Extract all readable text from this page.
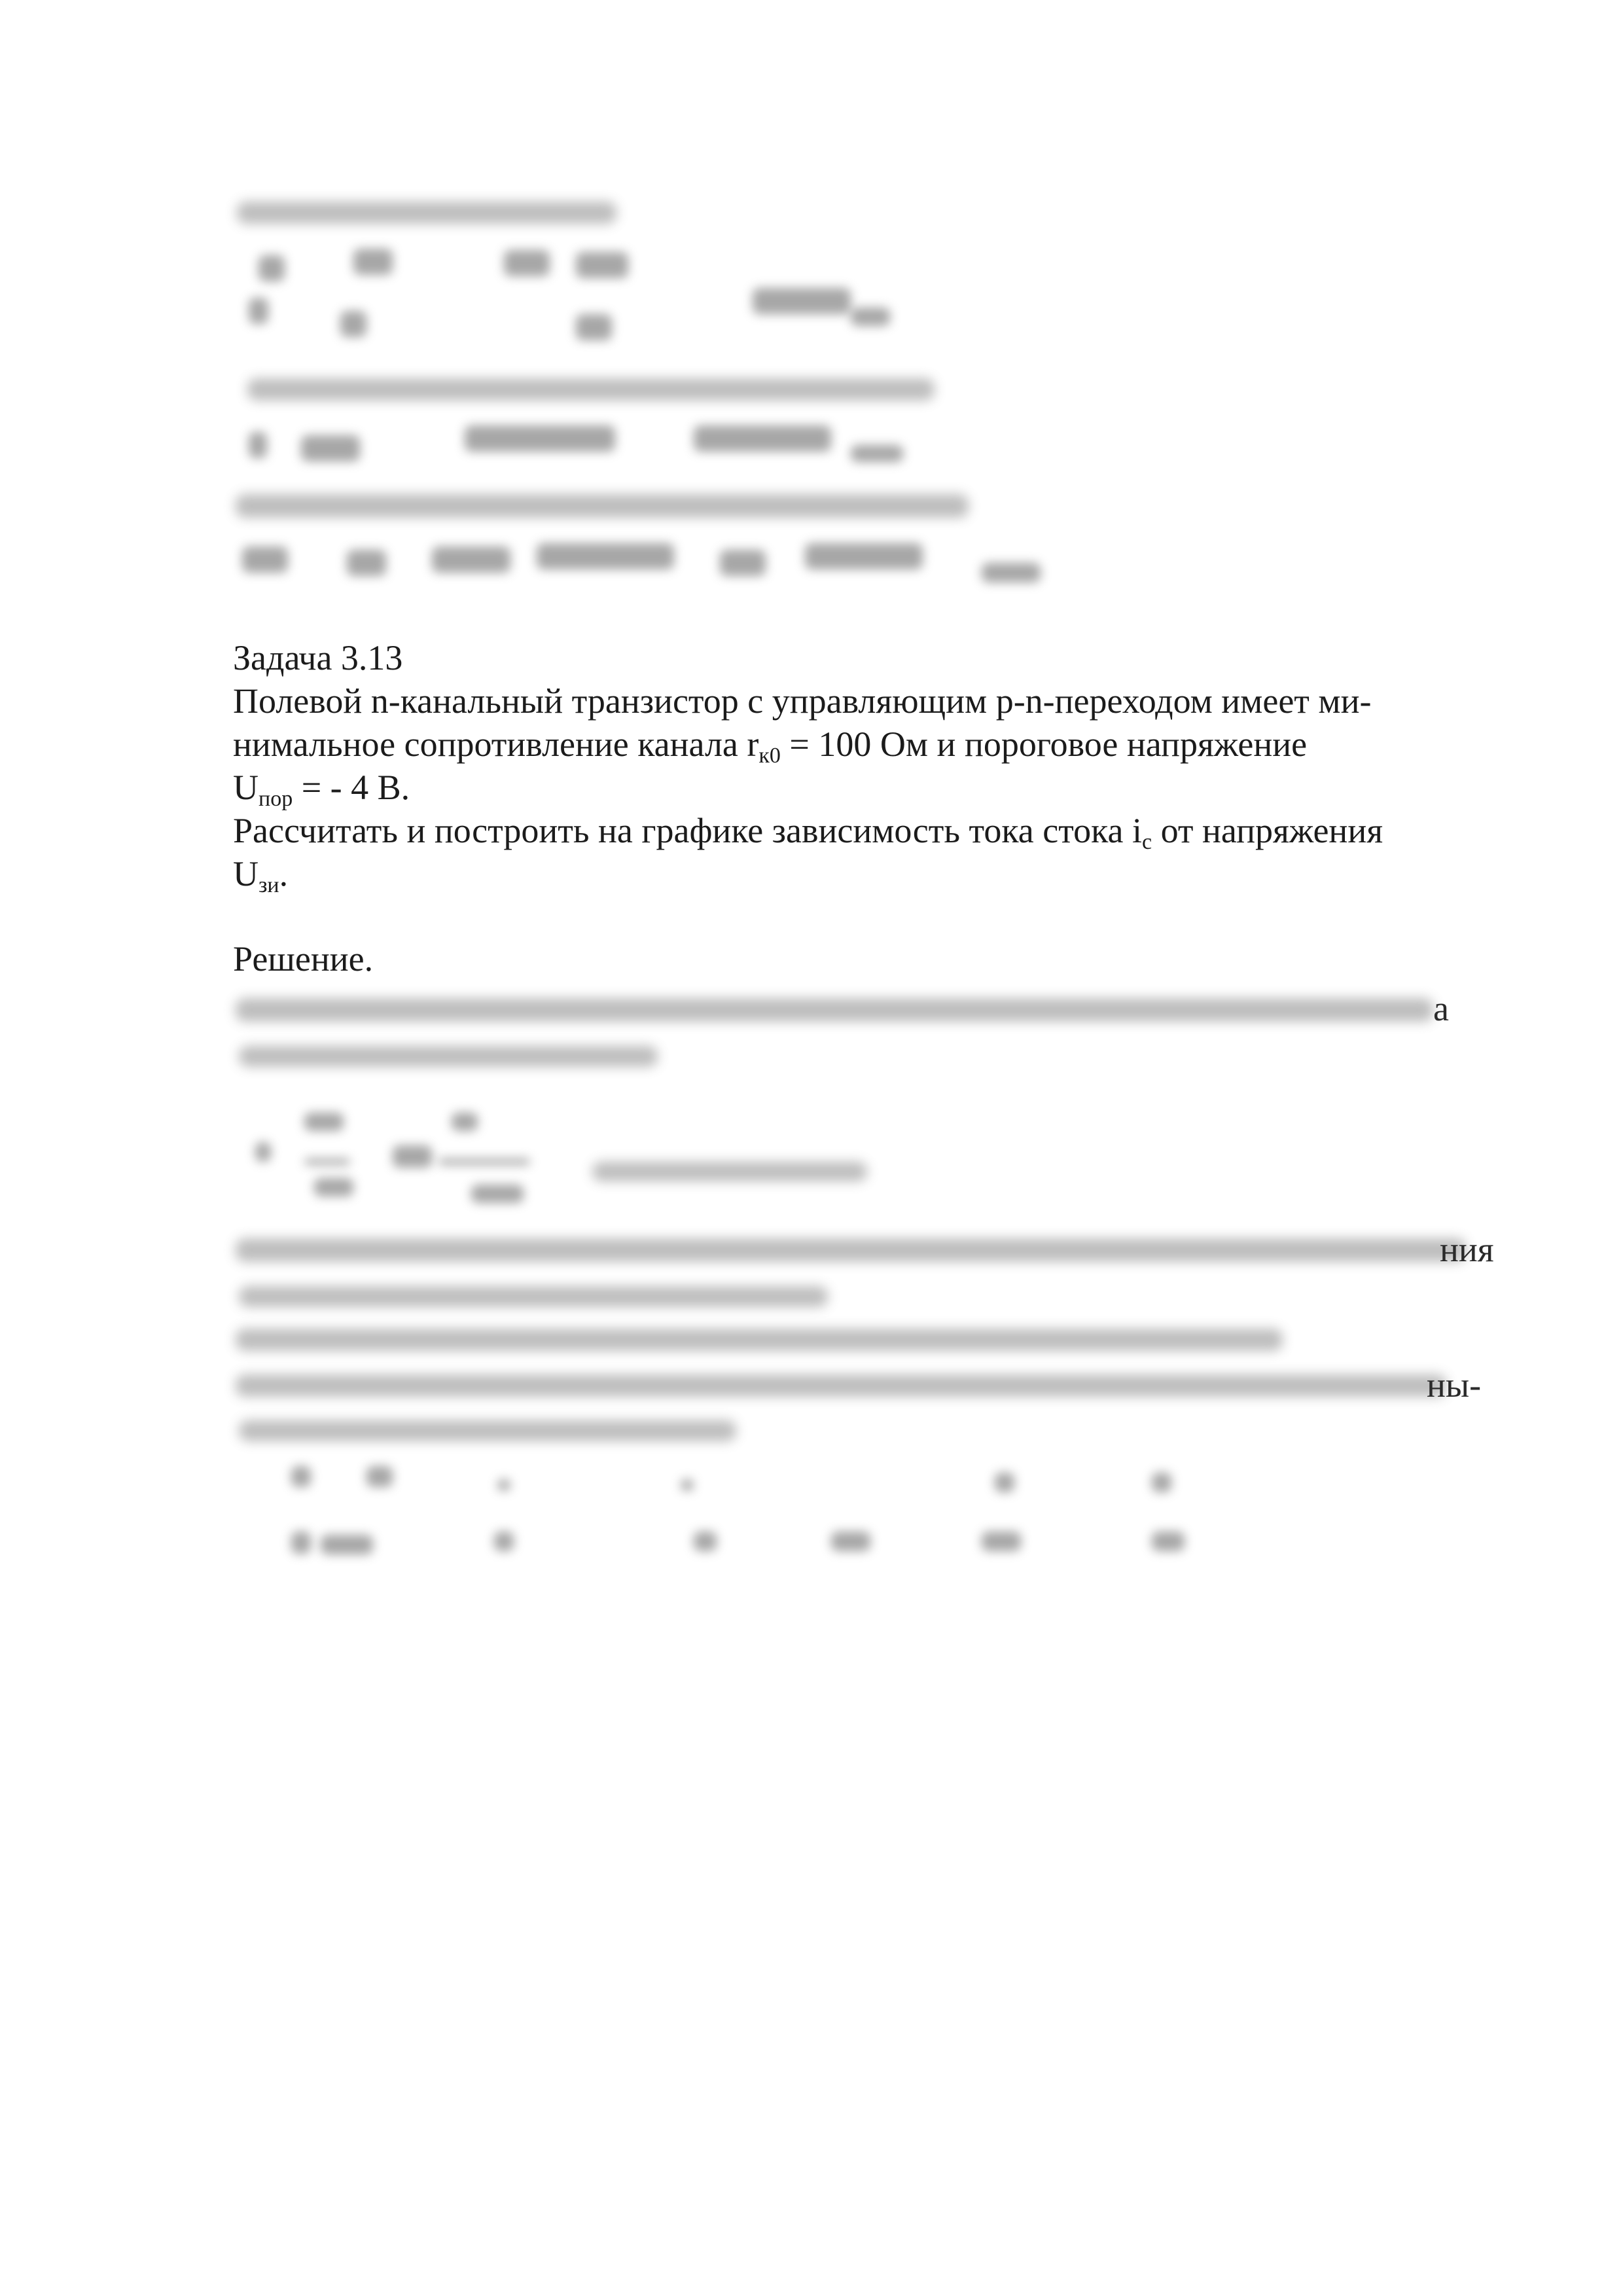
Задача 3.13

Полевой n-канальный транзистор с управляющим p-n-переходом имеет ми-

нимальное сопротивление канала $r_{к0} = 100$ Ом и пороговое напряжение

$U_{пор}$ = - 4 В.

Рассчитать и построить на графике зависимость тока стока $i_с$ от напряжения

$U_{зи}$.

Решение.

а
ния
ны-
